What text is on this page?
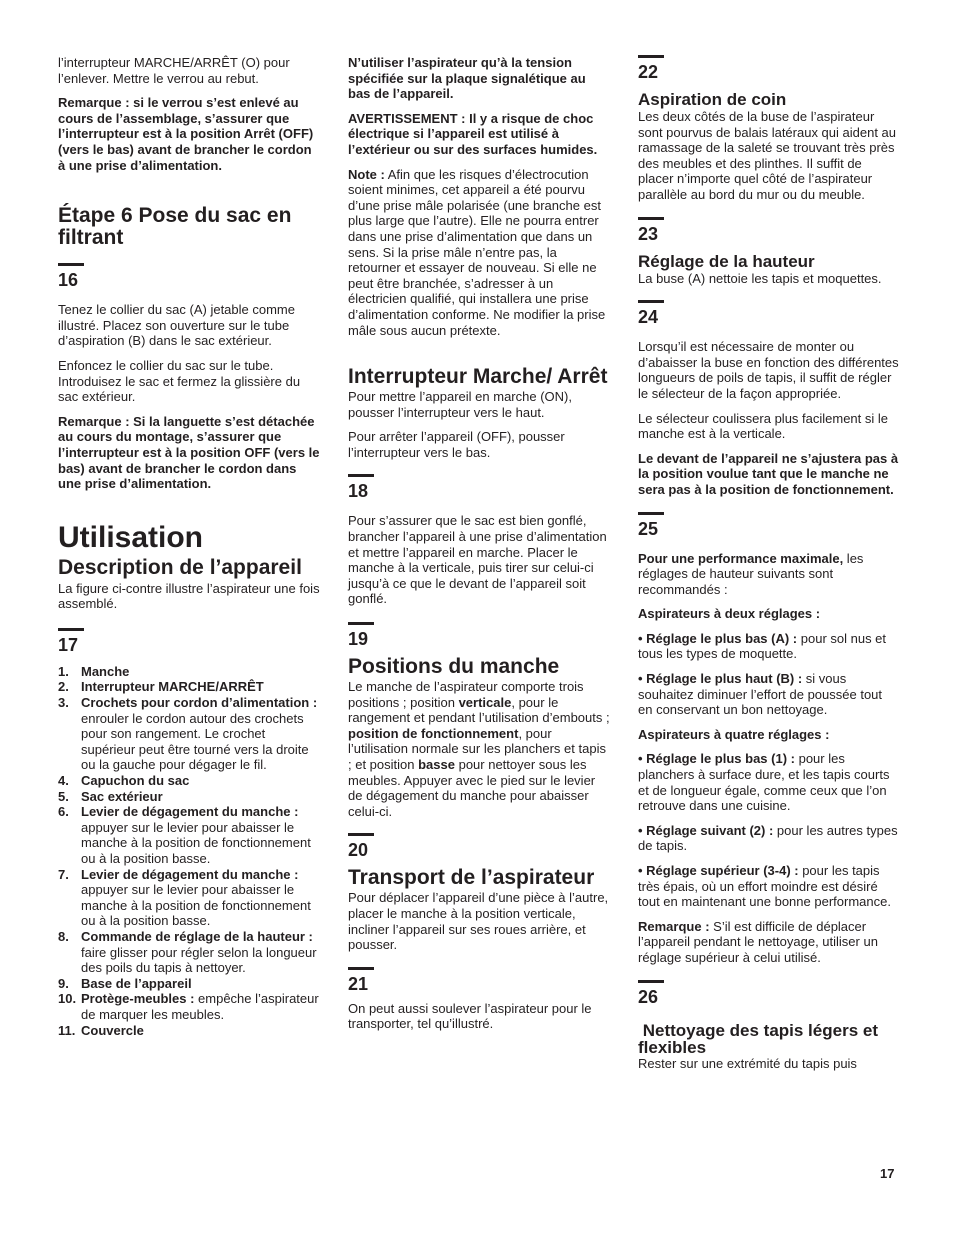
l’interrupteur MARCHE/ARRÊT (O) pour l’enlever. Mettre le verrou au rebut.

Remarque : si le verrou s’est enlevé au cours de l’assemblage, s’assurer que l’interrupteur est à la position Arrêt (OFF) (vers le bas) avant de brancher le cordon à une prise d’alimentation.

Étape 6 Pose du sac en filtrant
16

Tenez le collier du sac (A) jetable comme illustré. Placez son ouverture sur le tube d’aspiration (B) dans le sac extérieur.

Enfoncez le collier du sac sur le tube. Introduisez le sac et fermez la glissière du sac extérieur.

Remarque : Si la languette s’est détachée au cours du montage, s’assurer que l’interrupteur est à la position OFF (vers le bas) avant de brancher le cordon dans une prise d’alimentation.

Utilisation
Description de l’appareil

La figure ci-contre illustre l’aspirateur une fois assemblé.

17
1. Manche
2. Interrupteur MARCHE/ARRÊT
3. Crochets pour cordon d’alimentation : enrouler le cordon autour des crochets pour son rangement. Le crochet supérieur peut être tourné vers la droite ou la gauche pour dégager le fil.
4. Capuchon du sac
5. Sac extérieur
6. Levier de dégagement du manche : appuyer sur le levier pour abaisser le manche à la position de fonctionnement ou à la position basse.
7. Levier de dégagement du manche : appuyer sur le levier pour abaisser le manche à la position de fonctionnement ou à la position basse.
8. Commande de réglage de la hauteur : faire glisser pour régler selon la longueur des poils du tapis à nettoyer.
9. Base de l’appareil
10. Protège-meubles : empêche l’aspirateur de marquer les meubles.
11. Couvercle

N’utiliser l’aspirateur qu’à la tension spécifiée sur la plaque signalétique au bas de l’appareil.

AVERTISSEMENT : Il y a risque de choc électrique si l’appareil est utilisé à l’extérieur ou sur des surfaces humides.

Note : Afin que les risques d’électrocution soient minimes, cet appareil a été pourvu d’une prise mâle polarisée (une branche est plus large que l’autre). Elle ne pourra entrer dans une prise d’alimentation que dans un sens. Si la prise mâle n’entre pas, la retourner et essayer de nouveau. Si elle ne peut être branchée, s’adresser à un électricien qualifié, qui installera une prise d’alimentation conforme. Ne modifier la prise mâle sous aucun prétexte.

Interrupteur Marche/ Arrêt

Pour mettre l’appareil en marche (ON), pousser l’interrupteur vers le haut.

Pour arrêter l’appareil (OFF), pousser l’interrupteur vers le bas.

18

Pour s’assurer que le sac est bien gonflé, brancher l’appareil à une prise d’alimentation et mettre l’appareil en marche. Placer le manche à la verticale, puis tirer sur celui-ci jusqu’à ce que le devant de l’appareil soit gonflé.

19
Positions du manche

Le manche de l’aspirateur comporte trois positions ; position verticale, pour le rangement et pendant l’utilisation d’embouts ; position de fonctionnement, pour l’utilisation normale sur les planchers et tapis ; et position basse pour nettoyer sous les meubles. Appuyer avec le pied sur le levier de dégagement du manche pour abaisser celui-ci.

20
Transport de l’aspirateur

Pour déplacer l’appareil d’une pièce à l’autre, placer le manche à la position verticale, incliner l’appareil sur ses roues arrière, et pousser.

21

On peut aussi soulever l’aspirateur pour le transporter, tel qu’illustré.

22
Aspiration de coin

Les deux côtés de la buse de l’aspirateur sont pourvus de balais latéraux qui aident au ramassage de la saleté se trouvant très près des meubles et des plinthes. Il suffit de placer n’importe quel côté de l’aspirateur parallèle au bord du mur ou du meuble.

23
Réglage de la hauteur

La buse (A) nettoie les tapis et moquettes.

24

Lorsqu’il est nécessaire de monter ou d’abaisser la buse en fonction des différentes longueurs de poils de tapis, il suffit de régler le sélecteur de la façon appropriée.

Le sélecteur coulissera plus facilement si le manche est à la verticale.

Le devant de l’appareil ne s’ajustera pas à la position voulue tant que le manche ne sera pas à la position de fonctionnement.

25

Pour une performance maximale, les réglages de hauteur suivants sont recommandés :

Aspirateurs à deux réglages :

• Réglage le plus bas (A) : pour sol nus et tous les types de moquette.

• Réglage le plus haut (B) : si vous souhaitez diminuer l’effort de poussée tout en conservant un bon nettoyage.

Aspirateurs à quatre réglages :

• Réglage le plus bas (1) : pour les planchers à surface dure, et les tapis courts et de longueur égale, comme ceux que l’on retrouve dans une cuisine.

• Réglage suivant (2) : pour les autres types de tapis.

• Réglage supérieur (3-4) : pour les tapis très épais, où un effort moindre est désiré tout en maintenant une bonne performance.

Remarque : S’il est difficile de déplacer l’appareil pendant le nettoyage, utiliser un réglage supérieur à celui utilisé.

26
Nettoyage des tapis légers et flexibles

Rester sur une extrémité du tapis puis

17
